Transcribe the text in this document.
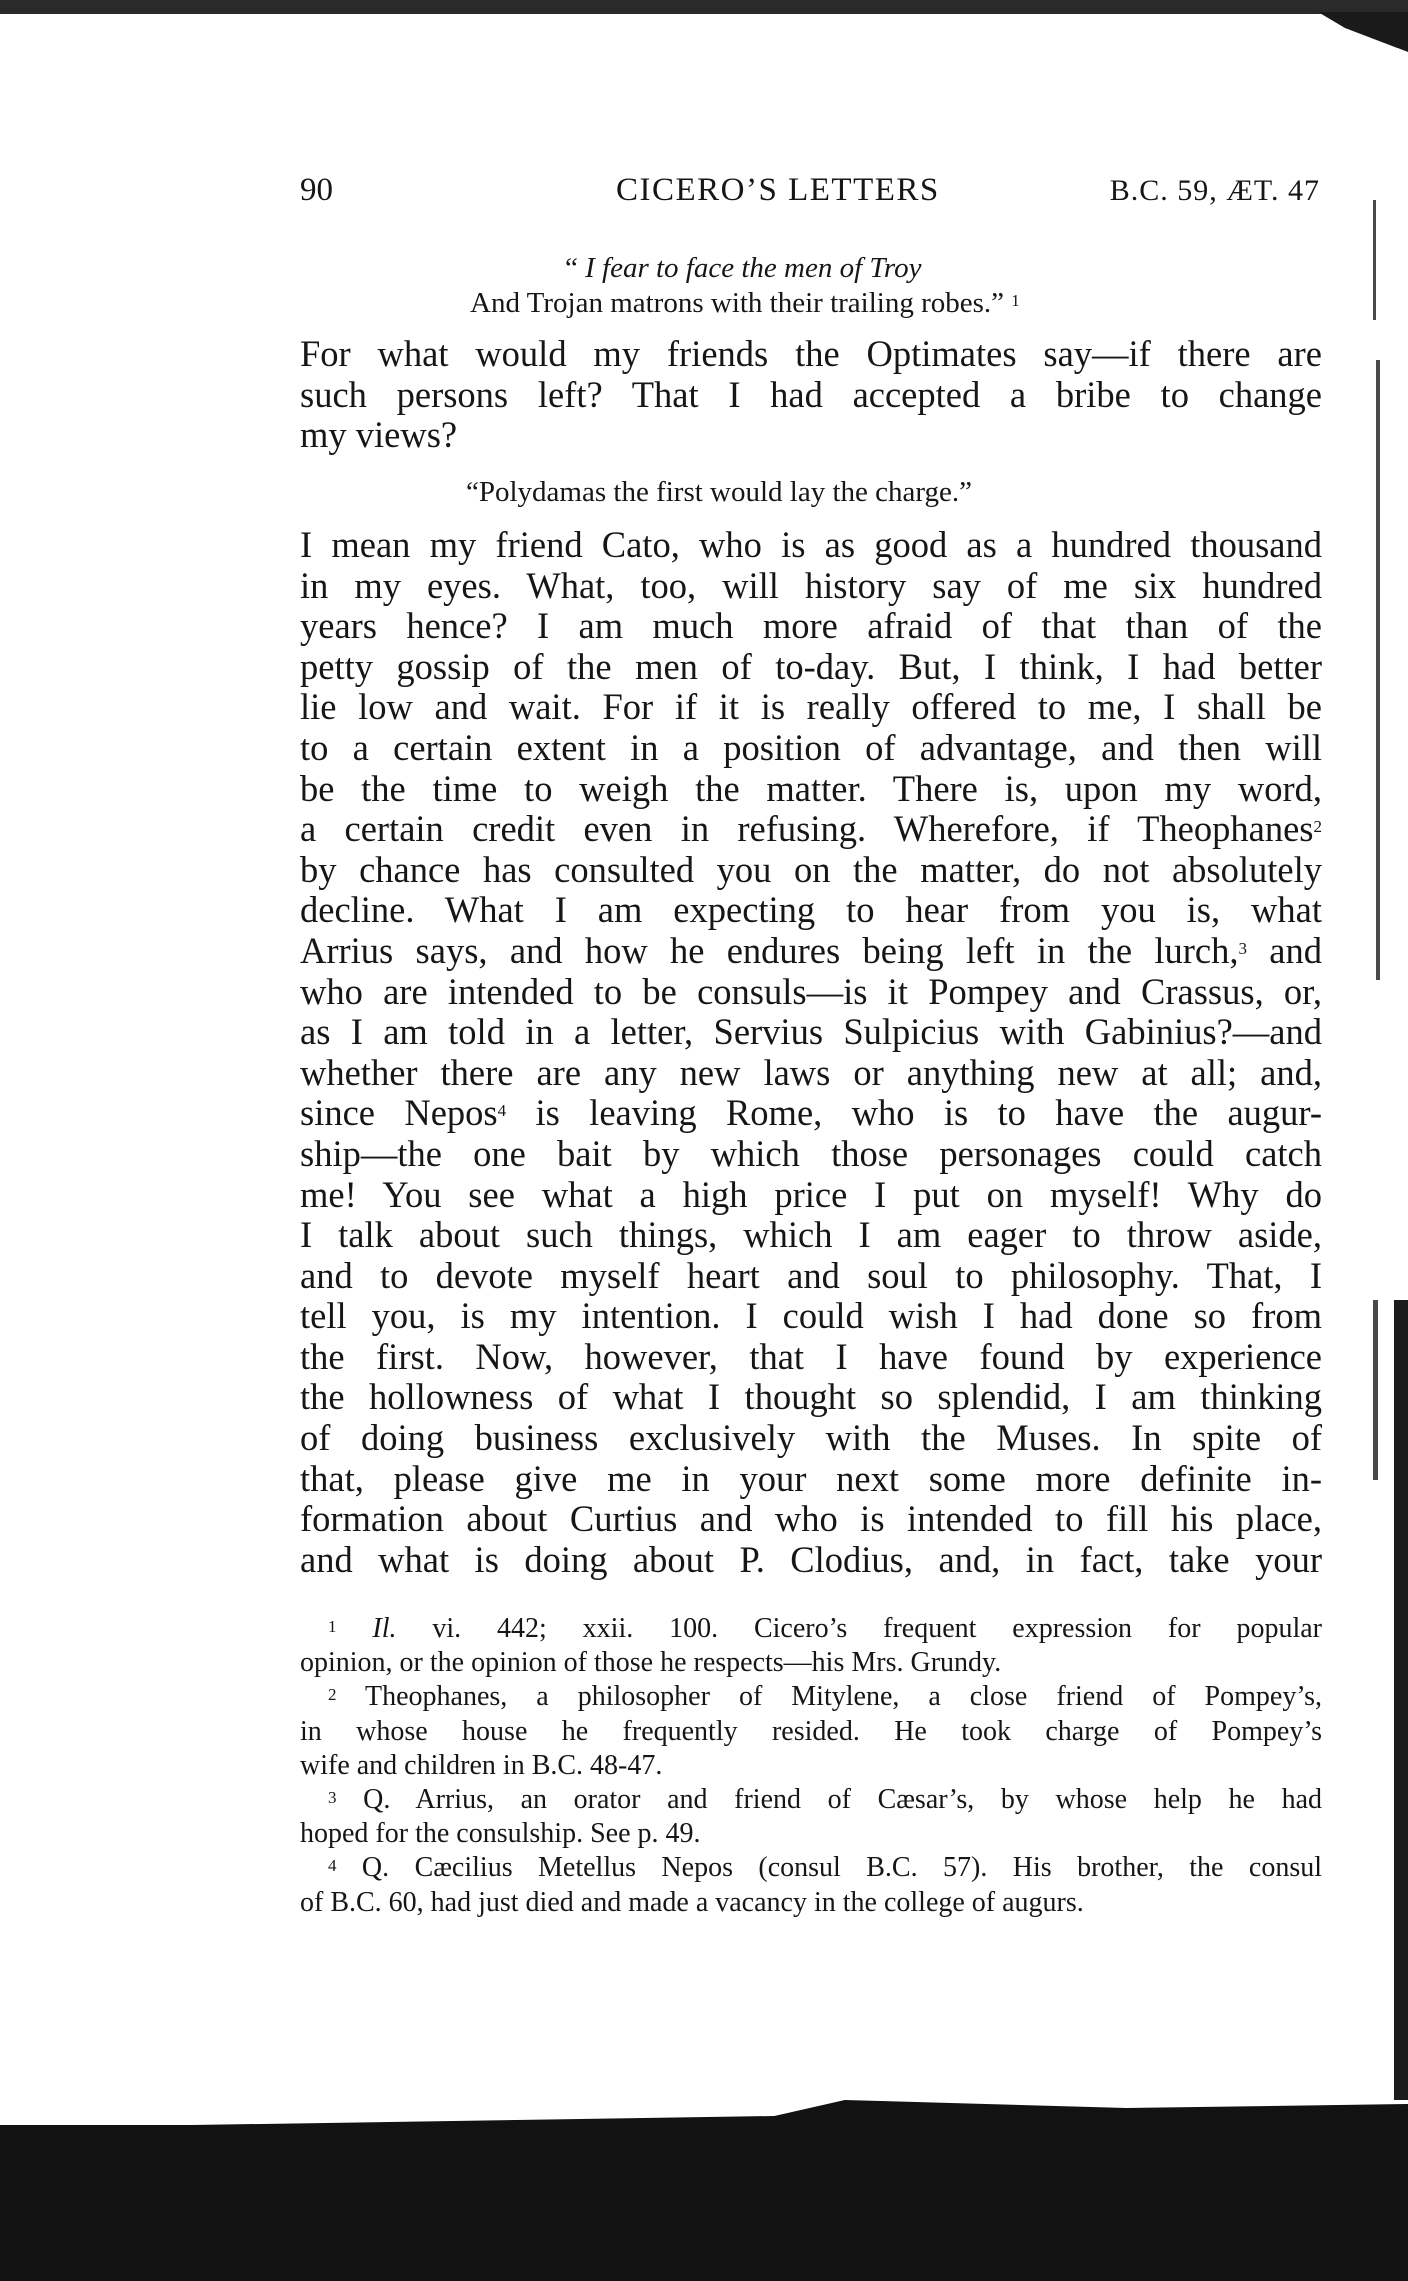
90	CICERO’S LETTERS	B.C. 59, ÆT. 47
“ I fear to face the men of Troy
And Trojan matrons with their trailing robes.” $^1$
For what would my friends the Optimates say—if there are
such persons left? That I had accepted a bribe to change
my views?
“Polydamas the first would lay the charge.”
I mean my friend Cato, who is as good as a hundred thousand
in my eyes. What, too, will history say of me six hundred
years hence? I am much more afraid of that than of the
petty gossip of the men of to-day. But, I think, I had better
lie low and wait. For if it is really offered to me, I shall be
to a certain extent in a position of advantage, and then will
be the time to weigh the matter. There is, upon my word,
a certain credit even in refusing. Wherefore, if Theophanes$^2$
by chance has consulted you on the matter, do not absolutely
decline. What I am expecting to hear from you is, what
Arrius says, and how he endures being left in the lurch,$^3$ and
who are intended to be consuls—is it Pompey and Crassus, or,
as I am told in a letter, Servius Sulpicius with Gabinius?—and
whether there are any new laws or anything new at all; and,
since Nepos$^4$ is leaving Rome, who is to have the augur-
ship—the one bait by which those personages could catch
me! You see what a high price I put on myself! Why do
I talk about such things, which I am eager to throw aside,
and to devote myself heart and soul to philosophy. That, I
tell you, is my intention. I could wish I had done so from
the first. Now, however, that I have found by experience
the hollowness of what I thought so splendid, I am thinking
of doing business exclusively with the Muses. In spite of
that, please give me in your next some more definite in-
formation about Curtius and who is intended to fill his place,
and what is doing about P. Clodius, and, in fact, take your
$^1$ Il. vi. 442; xxii. 100. Cicero’s frequent expression for popular
opinion, or the opinion of those he respects—his Mrs. Grundy.
$^2$ Theophanes, a philosopher of Mitylene, a close friend of Pompey’s,
in whose house he frequently resided. He took charge of Pompey’s
wife and children in B.C. 48-47.
$^3$ Q. Arrius, an orator and friend of Cæsar’s, by whose help he had
hoped for the consulship. See p. 49.
$^4$ Q. Cæcilius Metellus Nepos (consul B.C. 57). His brother, the consul
of B.C. 60, had just died and made a vacancy in the college of augurs.
